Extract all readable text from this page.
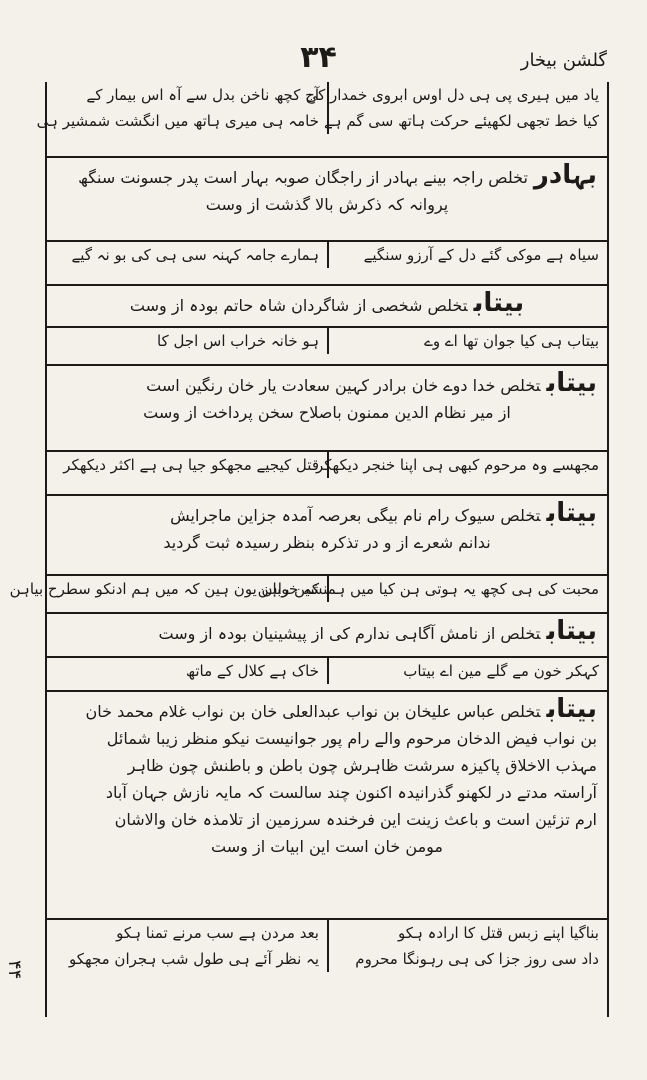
۳۴	گلشن بیخار
۴۴
یاد میں ہیری پی ہی دل اوس ابروی خمدار کی
آج کچھ ناخن بدل سے آہ اس بیمار کے
کیا خط تجھی لکھیئے حرکت ہاتھ سی گم ہے
خامہ ہی میری ہاتھ میں انگشت شمشیر ہی
بہادرتخلص راجہ بینے بہادر از راجگان صوبہ بہار است پدر جسونت سنگھ
پروانہ کہ ذکرش بالا گذشت از وست
سیاہ ہے موکی گئے دل کے آرزو سنگیے
ہمارے جامہ کہنہ سی ہی کی بو نہ گیے
بیتابتخلص شخصی از شاگردان شاہ حاتم بودہ از وست
بیتاب ہی کیا جوان تھا اے وے
ہو خانہ خراب اس اجل کا
بیتابتخلص خدا دوے خان برادر کہین سعادت یار خان رنگین است
از میر نظام الدین ممنون باصلاح سخن پرداخت از وست
مجھسے وہ مرحوم کبھی ہی اپنا خنجر دیکھکر
قتل کیجیے مجھکو جیا ہی ہے اکثر دیکھکر
بیتابتخلص سیوک رام نام بیگی بعرصہ آمدہ جزاین ماجرایش
ندانم شعرے از و در تذکرہ بنظر رسیدہ ثبت گردید
محبت کی ہی کچھ یہ ہوتی ہن کیا میں ہمنشین راہن
کہ خوبان یون ہین کہ میں ہم ادنکو سطرح بیاہن
بیتابتخلص از نامش آگاہی ندارم کی از پیشینیان بودہ از وست
کہکر خون مے گلے مین اے بیتاب
خاک ہے کلال کے ماتھ
بیتابتخلص عباس علیخان بن نواب عبدالعلی خان بن نواب غلام محمد خان
بن نواب فیض الدخان مرحوم والے رام پور جوانیست نیکو منظر زیبا شمائل
مہذب الاخلاق پاکیزہ سرشت ظاہرش چون باطن و باطنش چون ظاہر
آراستہ مدتے در لکھنو گذرانیدہ اکنون چند سالست کہ مایہ نازش جہان آباد
ارم تزئین است و باعث زینت این فرخندہ سرزمین از تلامذہ خان والاشان
مومن خان است این ابیات از وست
بناگیا اپنے زبس قتل کا ارادہ ہکو
بعد مردن ہے سب مرنے تمنا ہکو
داد سی روز جزا کی ہی رہونگا محروم
یہ نظر آئے ہی طول شب ہجران مجھکو
